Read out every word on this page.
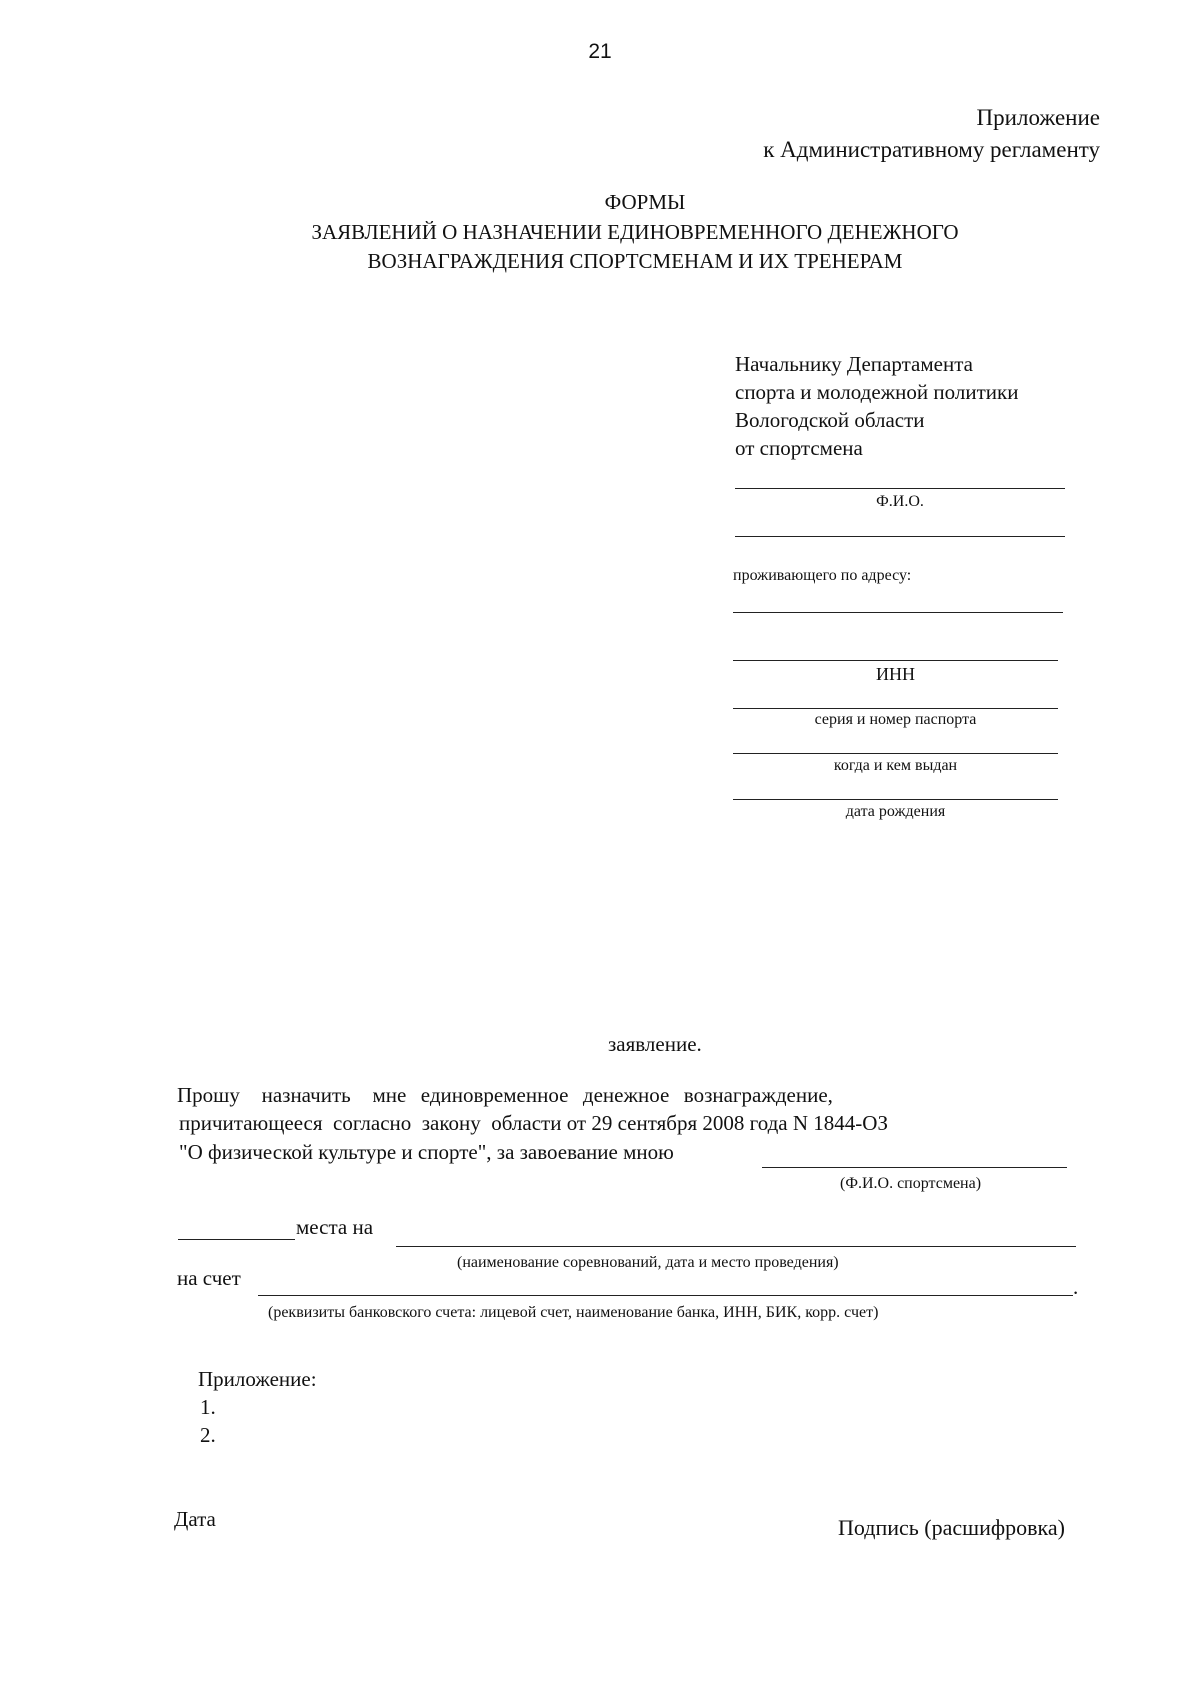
21
Приложение
к Административному регламенту
ФОРМЫ
ЗАЯВЛЕНИЙ О НАЗНАЧЕНИИ ЕДИНОВРЕМЕННОГО ДЕНЕЖНОГО
ВОЗНАГРАЖДЕНИЯ СПОРТСМЕНАМ И ИХ ТРЕНЕРАМ
Начальнику Департамента
спорта и молодежной политики
Вологодской области
от спортсмена
Ф.И.О.
проживающего по адресу:
ИНН
серия и номер паспорта
когда и кем выдан
дата рождения
заявление.
Прошу   назначить   мне  единовременное  денежное  вознаграждение,
причитающееся  согласно  закону  области от 29 сентября 2008 года N 1844-ОЗ
"О физической культуре и спорте", за завоевание мною
(Ф.И.О. спортсмена)
места на
(наименование соревнований, дата и место проведения)
на счет	.
(реквизиты банковского счета: лицевой счет, наименование банка, ИНН, БИК, корр. счет)
Приложение:
1.
2.
Дата	Подпись (расшифровка)
